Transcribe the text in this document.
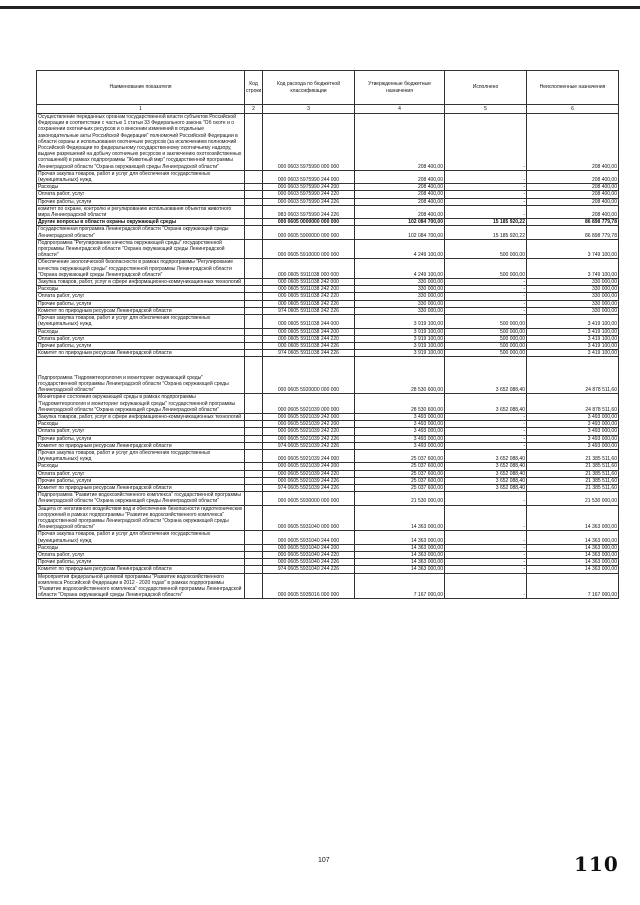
Наименование показателя	Код строки	Код расхода по бюджетной классификации	Утвержденные бюджетные назначения	Исполнено	Неисполненные назначения
1	2	3	4	5	6
Осуществление переданных органам государственной власти субъектов Российской Федерации в соответствии с частью 1 статьи 33 Федерального закона "Об охоте и о сохранении охотничьих ресурсов и о внесении изменений в отдельные законодательные акты Российской Федерации" полномочий Российской Федерации в области охраны и использования охотничьих ресурсов (за исключением полномочий Российской Федерации по федеральному государственному охотничьему надзору, выдаче разрешений на добычу охотничьих ресурсов и заключению охотхозяйственных соглашений) в рамках подпрограммы "Животный мир" государственной программы Ленинградской области "Охрана окружающей среды Ленинградской области"		000 0603 5975990 000 000	208 400,00	-	208 400,00
Прочая закупка товаров, работ и услуг для обеспечения государственных (муниципальных) нужд		000 0603 5975990 244 000	208 400,00	-	208 400,00
Расходы		000 0603 5975990 244 200	208 400,00	-	208 400,00
Оплата работ, услуг		000 0603 5975990 244 220	208 400,00	-	208 400,00
Прочие работы, услуги		000 0603 5975990 244 226	208 400,00	-	208 400,00
комитет по охране, контролю и регулированию использования объектов животного мира Ленинградской области		983 0603 5975990 244 226	208 400,00	-	208 400,00
Другие вопросы в области охраны окружающей среды		000 0605 0000000 000 000	102 084 700,00	15 185 920,22	86 898 779,78
Государственная программа Ленинградской области "Охрана окружающей среды Ленинградской области"		000 0605 5900000 000 000	102 084 700,00	15 185 920,22	86 898 779,78
Подпрограмма "Регулирование качества окружающей среды" государственной программы Ленинградской области "Охрана окружающей среды Ленинградской области"		000 0605 5910000 000 000	4 249 100,00	500 000,00	3 749 100,00
Обеспечение экологической безопасности в рамках подпрограммы "Регулирование качества окружающей среды" государственной программы Ленинградской области "Охрана окружающей среды Ленинградской области"		000 0605 5911038 000 000	4 249 100,00	500 000,00	3 749 100,00
Закупка товаров, работ, услуг в сфере информационно-коммуникационных технологий		000 0605 5911038 242 000	330 000,00	-	330 000,00
Расходы		000 0605 5911038 242 200	330 000,00	-	330 000,00
Оплата работ, услуг		000 0605 5911038 242 220	330 000,00	-	330 000,00
Прочие работы, услуги		000 0605 5911038 242 226	330 000,00	-	330 000,00
Комитет по природным ресурсам Ленинградской области		974 0605 5911038 242 226	330 000,00	-	330 000,00
Прочая закупка товаров, работ и услуг для обеспечения государственных (муниципальных) нужд		000 0605 5911038 244 000	3 919 100,00	500 000,00	3 419 100,00
Расходы		000 0605 5911038 244 200	3 919 100,00	500 000,00	3 419 100,00
Оплата работ, услуг		000 0605 5911038 244 220	3 919 100,00	500 000,00	3 419 100,00
Прочие работы, услуги		000 0605 5911038 244 226	3 919 100,00	500 000,00	3 419 100,00
Комитет по природным ресурсам Ленинградской области		974 0605 5911038 244 226	3 919 100,00	500 000,00	3 419 100,00
Подпрограмма "Гидрометеорология и мониторинг окружающей среды" государственной программы Ленинградской области "Охрана окружающей среды Ленинградской области"		000 0605 5920000 000 000	28 530 600,00	3 652 088,40	24 878 511,60
Мониторинг состояния окружающей среды в рамках подпрограммы "Гидрометеорология и мониторинг окружающей среды" государственной программы Ленинградской области "Охрана окружающей среды Ленинградской области"		000 0605 5921039 000 000	28 530 600,00	3 652 088,40	24 878 511,60
Закупка товаров, работ, услуг в сфере информационно-коммуникационных технологий		000 0605 5921039 242 000	3 493 000,00	-	3 493 000,00
Расходы		000 0605 5921039 242 200	3 493 000,00	-	3 493 000,00
Оплата работ, услуг		000 0605 5921039 242 220	3 493 000,00	-	3 493 000,00
Прочие работы, услуги		000 0605 5921039 242 226	3 493 000,00	-	3 493 000,00
Комитет по природным ресурсам Ленинградской области		974 0605 5921039 242 226	3 493 000,00	-	3 493 000,00
Прочая закупка товаров, работ и услуг для обеспечения государственных (муниципальных) нужд		000 0605 5921039 244 000	25 037 600,00	3 652 088,40	21 385 511,60
Расходы		000 0605 5921039 244 200	25 037 600,00	3 652 088,40	21 385 511,60
Оплата работ, услуг		000 0605 5921039 244 220	25 037 600,00	3 652 088,40	21 385 511,60
Прочие работы, услуги		000 0605 5921039 244 226	25 037 600,00	3 652 088,40	21 385 511,60
Комитет по природным ресурсам Ленинградской области		974 0605 5921039 244 226	25 037 600,00	3 652 088,40	21 385 511,60
Подпрограмма "Развитие водохозяйственного комплекса" государственной программы Ленинградской области "Охрана окружающей среды Ленинградской области"		000 0605 5930000 000 000	21 530 000,00	-	21 530 000,00
Защита от негативного воздействия вод и обеспечение безопасности гидротехнических сооружений в рамках подпрограммы "Развитие водохозяйственного комплекса" государственной программы Ленинградской области "Охрана окружающей среды Ленинградской области"		000 0605 5931040 000 000	14 363 000,00	-	14 363 000,00
Прочая закупка товаров, работ и услуг для обеспечения государственных (муниципальных) нужд		000 0605 5931040 244 000	14 363 000,00	-	14 363 000,00
Расходы		000 0605 5931040 244 200	14 363 000,00	-	14 363 000,00
Оплата работ, услуг		000 0605 5931040 244 220	14 363 000,00	-	14 363 000,00
Прочие работы, услуги		000 0605 5931040 244 226	14 363 000,00	-	14 363 000,00
Комитет по природным ресурсам Ленинградской области		974 0605 5931040 244 226	14 363 000,00	-	14 363 000,00
Мероприятия федеральной целевой программы "Развитие водохозяйственного комплекса Российской Федерации в 2012 - 2020 годах" в рамках подпрограммы "Развитие водохозяйственного комплекса" государственной программы Ленинградской области "Охрана окружающей среды Ленинградской области"		000 0605 5935016 000 000	7 167 000,00	-	7 167 000,00
107	110
